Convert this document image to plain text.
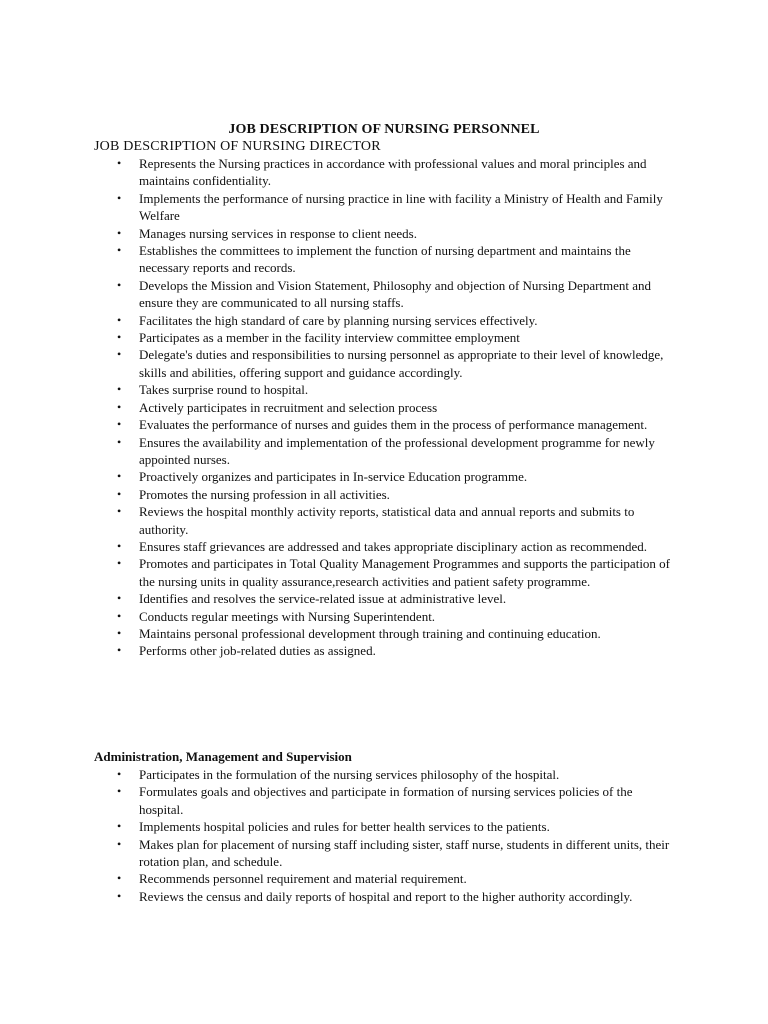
JOB DESCRIPTION OF NURSING PERSONNEL
JOB DESCRIPTION OF NURSING DIRECTOR
• Represents the Nursing practices in accordance with professional values and moral principles and maintains confidentiality.
• Implements the performance of nursing practice in line with facility a Ministry of Health and Family Welfare
• Manages nursing services in response to client needs.
• Establishes the committees to implement the function of nursing department and maintains the necessary reports and records.
• Develops the Mission and Vision Statement, Philosophy and objection of Nursing Department and ensure they are communicated to all nursing staffs.
• Facilitates the high standard of care by planning nursing services effectively.
• Participates as a member in the facility interview committee employment
• Delegate's duties and responsibilities to nursing personnel as appropriate to their level of knowledge, skills and abilities, offering support and guidance accordingly.
• Takes surprise round to hospital.
• Actively participates in recruitment and selection process
• Evaluates the performance of nurses and guides them in the process of performance management.
• Ensures the availability and implementation of the professional development programme for newly appointed nurses.
• Proactively organizes and participates in In-service Education programme.
• Promotes the nursing profession in all activities.
• Reviews the hospital monthly activity reports, statistical data and annual reports and submits to authority.
• Ensures staff grievances are addressed and takes appropriate disciplinary action as recommended.
• Promotes and participates in Total Quality Management Programmes and supports the participation of the nursing units in quality assurance,research activities and patient safety programme.
• Identifies and resolves the service-related issue at administrative level.
• Conducts regular meetings with Nursing Superintendent.
• Maintains personal professional development through training and continuing education.
• Performs other job-related duties as assigned.
Administration, Management and Supervision
• Participates in the formulation of the nursing services philosophy of the hospital.
• Formulates goals and objectives and participate in formation of nursing services policies of the hospital.
• Implements hospital policies and rules for better health services to the patients.
• Makes plan for placement of nursing staff including sister, staff nurse, students in different units, their rotation plan, and schedule.
• Recommends personnel requirement and material requirement.
• Reviews the census and daily reports of hospital and report to the higher authority accordingly.
